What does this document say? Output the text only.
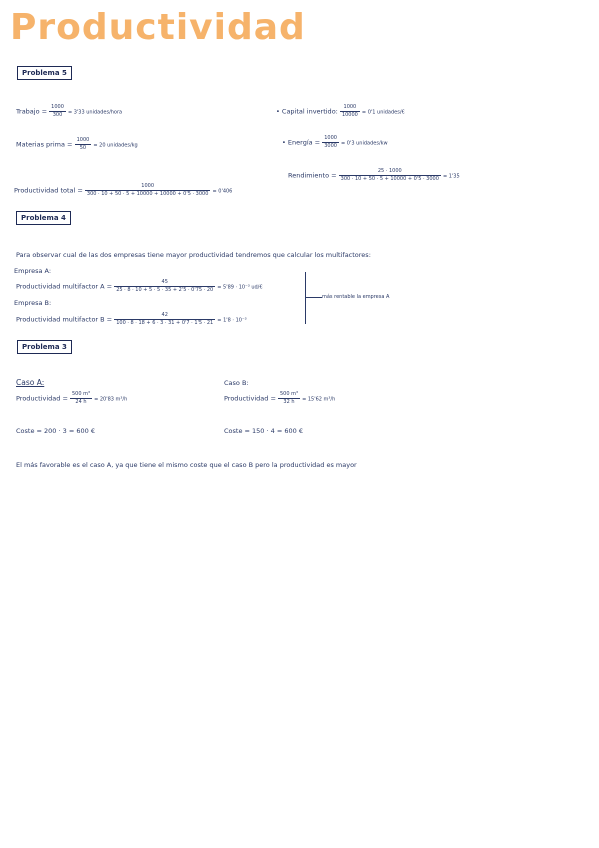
Productividad
Problema 5
Trabajo = $\frac{1000}{300} = 3'33$ unidades/hora	• Capital invertido: $\frac{1000}{10000} = 0'1$ unidades/€
Materias prima = $\frac{1000}{50} = 20$ unidades/kg	• Energía = $\frac{1000}{3000} = 0'3$ unidades/kw
Rendimiento = $\frac{25 \cdot 1000}{300 \cdot 10 + 50 \cdot 5 + 10000 + 0'5 \cdot 3000} = 1'35$
Productividad total = $\frac{1000}{300 \cdot 10 + 50 \cdot 5 + 10000 + 10000 + 0'5 \cdot 3000} = 0'406$
Problema 4
Para observar cual de las dos empresas tiene mayor productividad tendremos que calcular los multifactores:
Empresa A:
Productividad multifactor $A = \frac{45}{25 \cdot 8 \cdot 10 + 5 \cdot 5 \cdot 35 + 2'5 \cdot 0'75 \cdot 20} = 5'89 \cdot 10^{-3}$ ud/€
Empresa B:
Productividad multifactor $B = \frac{42}{100 \cdot 8 \cdot 18 + 6 \cdot 3 \cdot 31 + 0'7 \cdot 1'5 \cdot 21} = 1'8 \cdot 10^{-3}$
más rentable la empresa A
Problema 3
Caso A:
Productividad = $\frac{\text{500 m³}}{24 h} = 20'83$ m³/h
Coste = 200 · 3 = 600 €
Caso B:
Productividad = $\frac{\text{500 m³}}{32 h} = 15'62$ m³/h
Coste = 150 · 4 = 600 €
El más favorable es el caso A, ya que tiene el mismo coste que el caso B pero la productividad es mayor
